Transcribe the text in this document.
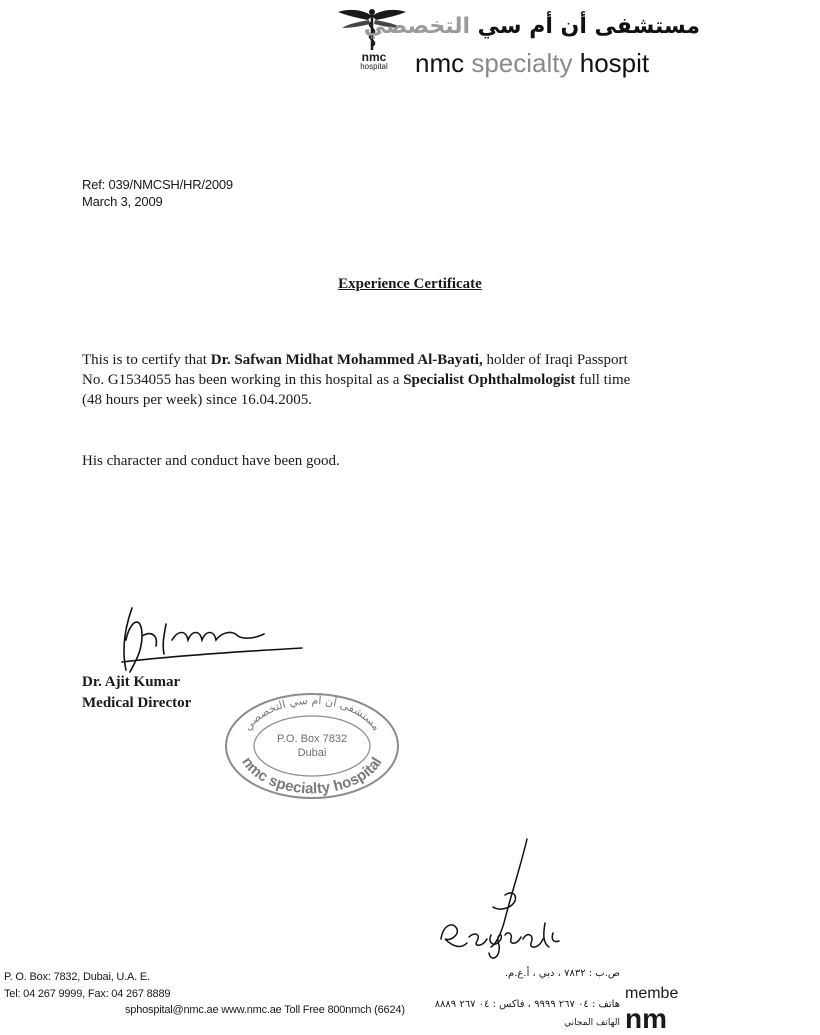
nmc
hospital
مستشفى أن أم سي التخصصي
nmc specialty hospit
Ref: 039/NMCSH/HR/2009
March 3, 2009
Experience Certificate
This is to certify that Dr. Safwan Midhat Mohammed Al-Bayati, holder of Iraqi Passport No. G1534055 has been working in this hospital as a Specialist Ophthalmologist full time (48 hours per week) since 16.04.2005.
His character and conduct have been good.
Dr. Ajit Kumar
Medical Director
مستشفى أن أم سي التخصصي
P.O. Box 7832
Dubai
nmc specialty hospital
P. O. Box: 7832, Dubai, U.A. E.
Tel: 04 267 9999, Fax: 04 267 8889
sphospital@nmc.ae www.nmc.ae Toll Free 800nmch (6624)
ص.ب : ٧٨٣٢ ، دبي ، أ.ع.م.
هاتف : ٠٤ ٢٦٧ ٩٩٩٩ ، فاكس : ٠٤ ٢٦٧ ٨٨٨٩
الهاتف المجاني
membe
nm
